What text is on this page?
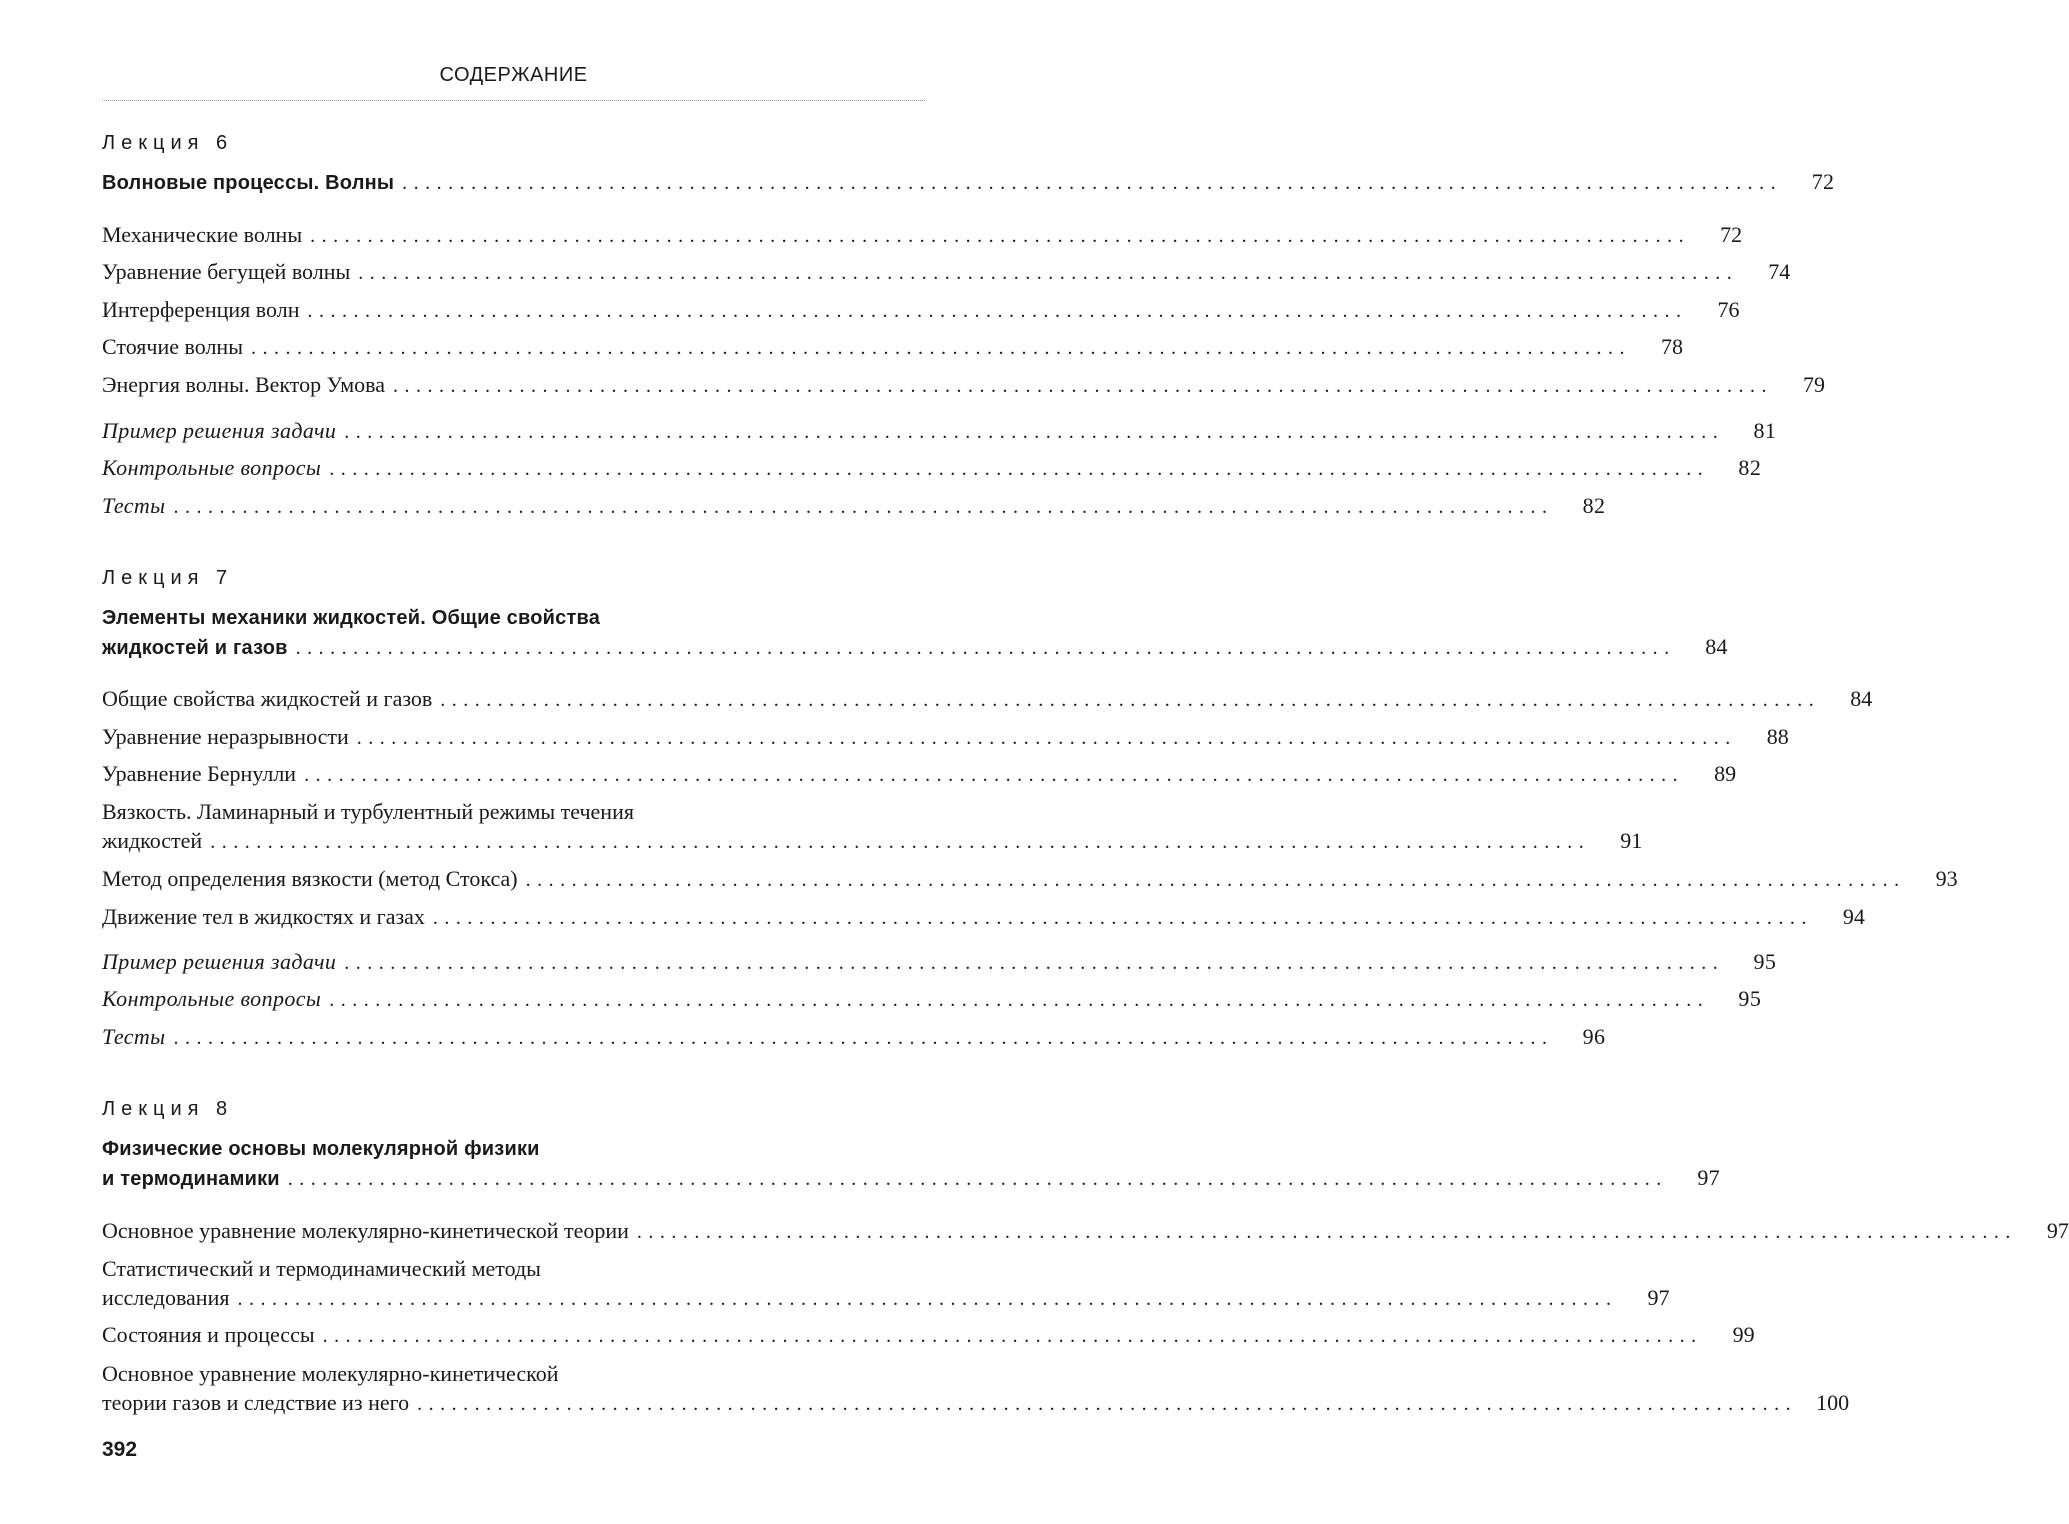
СОДЕРЖАНИЕ
Лекция 6
Волновые процессы. Волны ........................................................................................................................	72
Механические волны ........................................................................................................................	72
Уравнение бегущей волны ........................................................................................................................	74
Интерференция волн ........................................................................................................................	76
Стоячие волны ........................................................................................................................	78
Энергия волны. Вектор Умова ........................................................................................................................	79
Пример решения задачи ........................................................................................................................	81
Контрольные вопросы ........................................................................................................................	82
Тесты ........................................................................................................................	82
Лекция 7
Элементы механики жидкостей. Общие свойства
жидкостей и газов ........................................................................................................................	84
Общие свойства жидкостей и газов ........................................................................................................................	84
Уравнение неразрывности ........................................................................................................................	88
Уравнение Бернулли ........................................................................................................................	89
Вязкость. Ламинарный и турбулентный режимы течения
жидкостей ........................................................................................................................	91
Метод определения вязкости (метод Стокса) ........................................................................................................................	93
Движение тел в жидкостях и газах ........................................................................................................................	94
Пример решения задачи ........................................................................................................................	95
Контрольные вопросы ........................................................................................................................	95
Тесты ........................................................................................................................	96
Лекция 8
Физические основы молекулярной физики
и термодинамики ........................................................................................................................	97
Основное уравнение молекулярно-кинетической теории ........................................................................................................................	97
Статистический и термодинамический методы
исследования ........................................................................................................................	97
Состояния и процессы ........................................................................................................................	99
Основное уравнение молекулярно-кинетической
теории газов и следствие из него ........................................................................................................................ 100
392
